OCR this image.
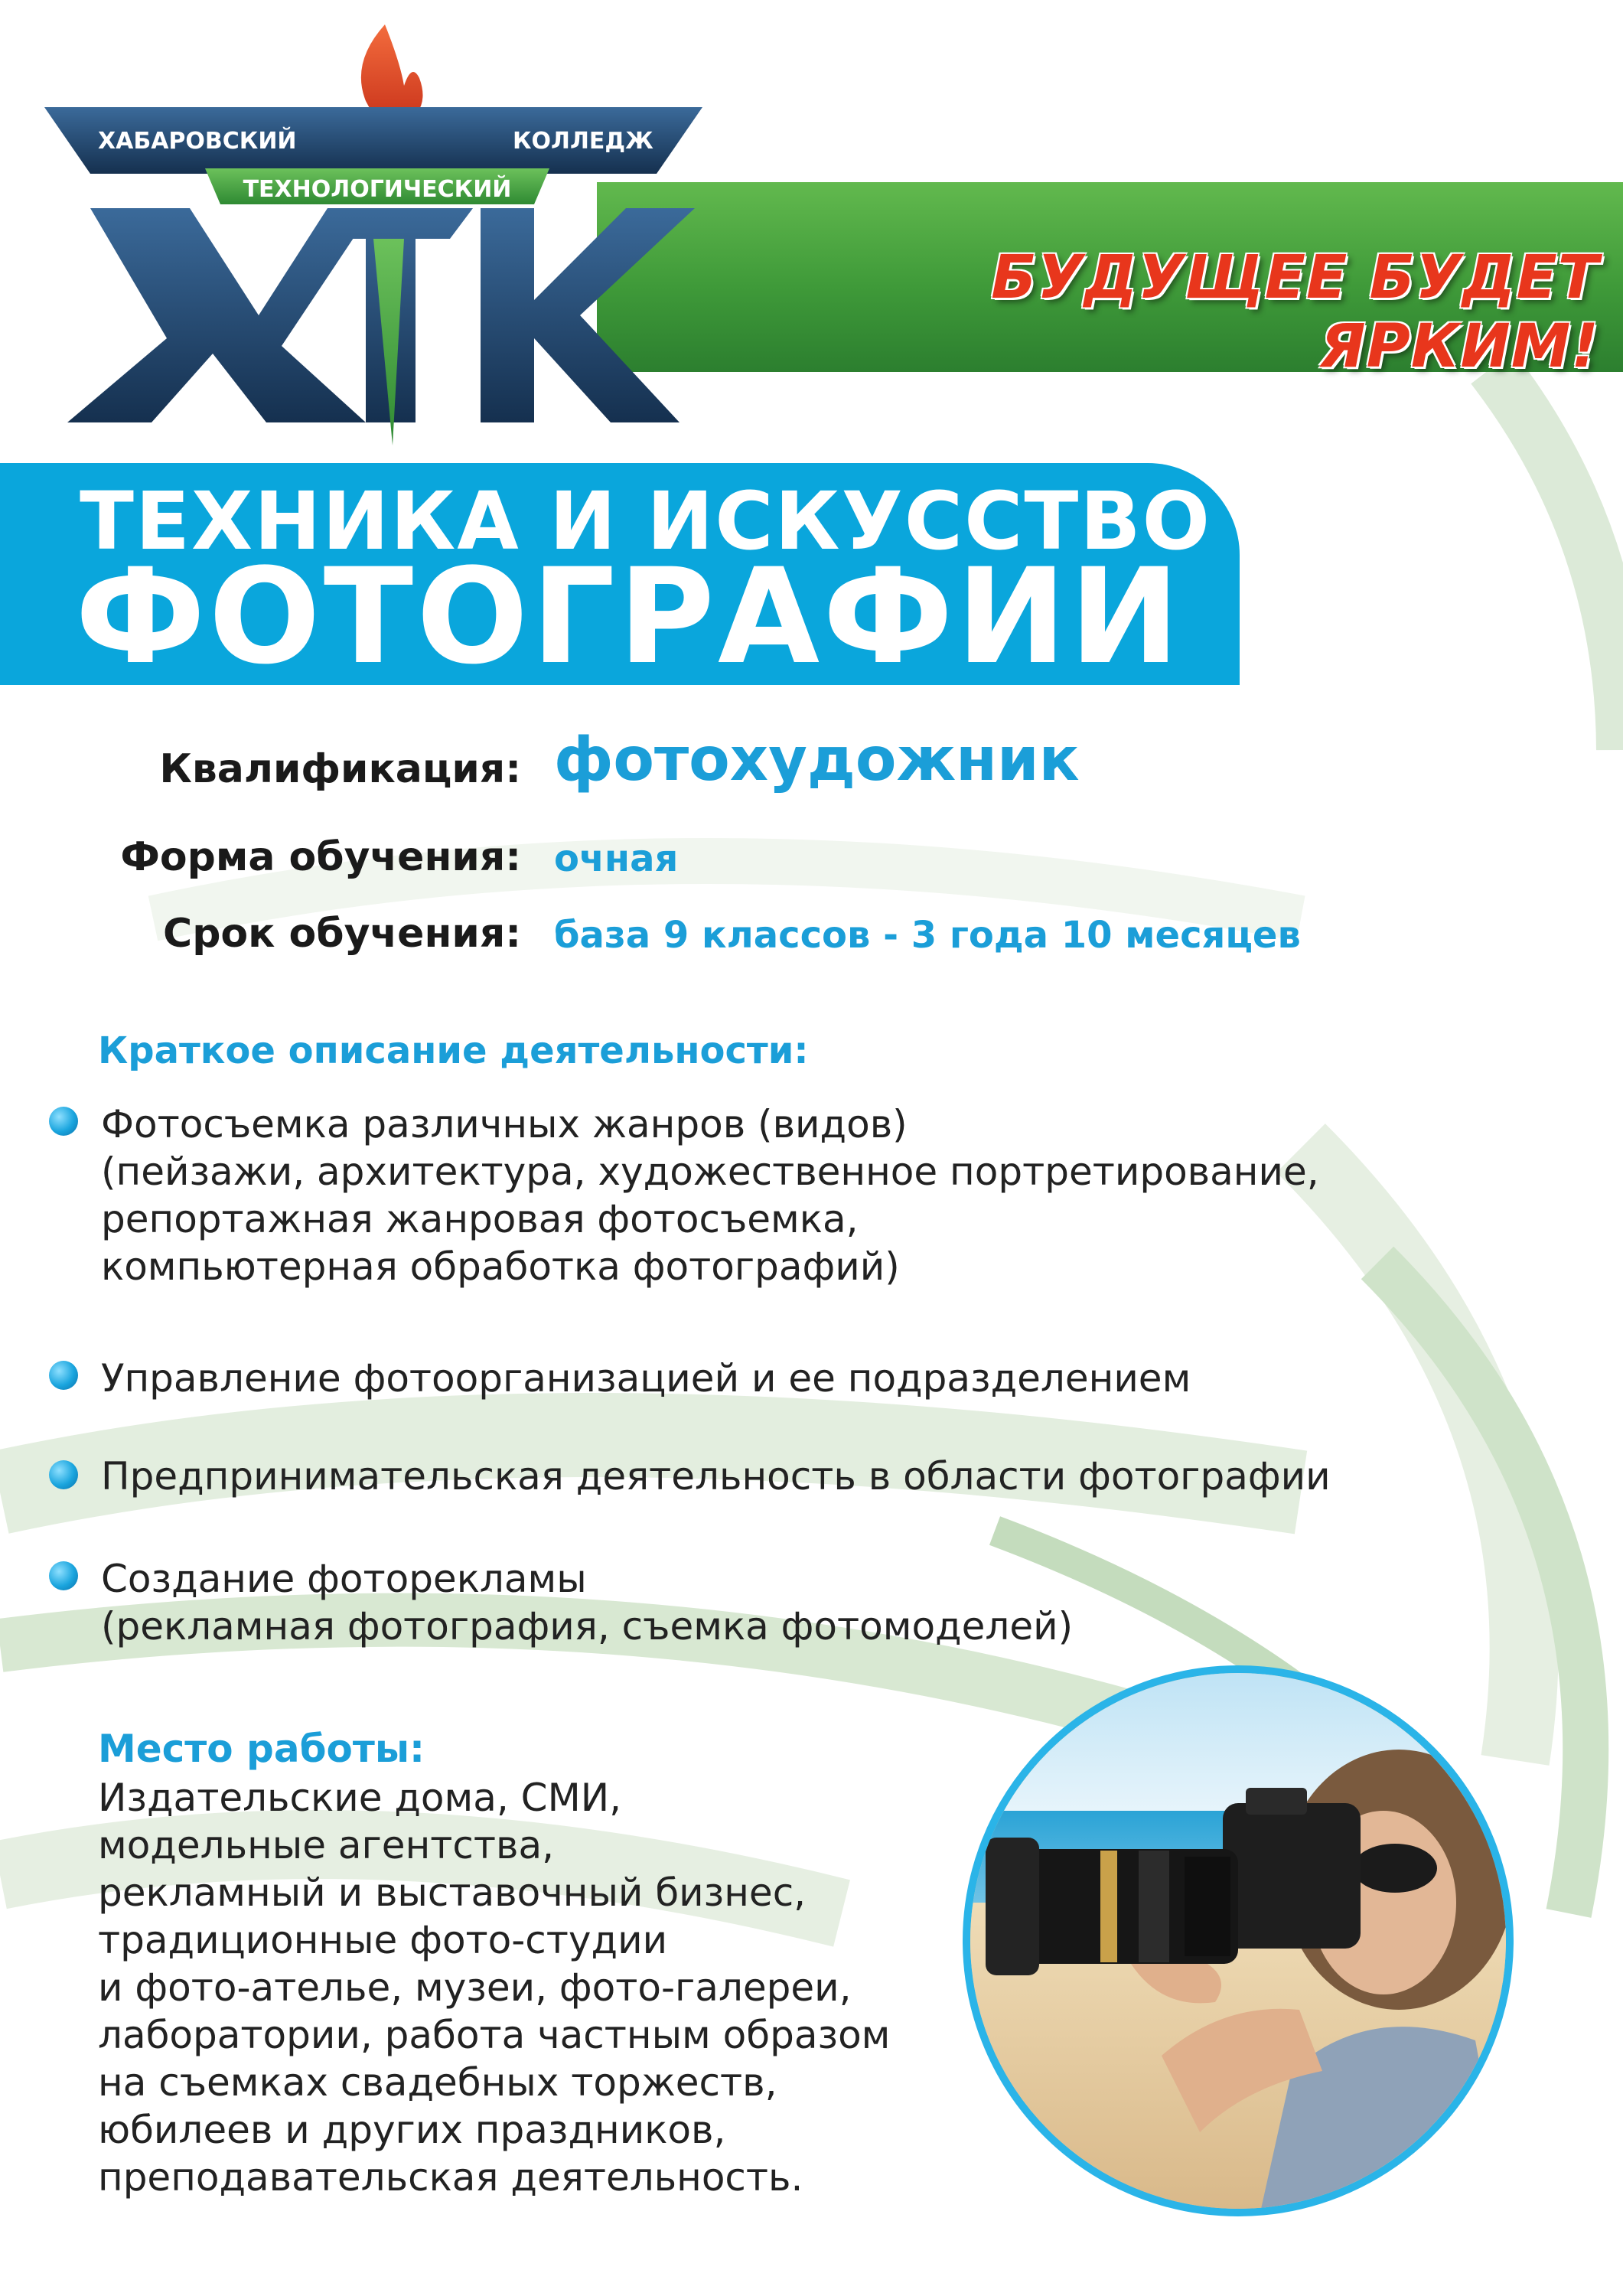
БУДУЩЕЕ БУДЕТ ЯРКИМ!
ХАБАРОВСКИЙ	КОЛЛЕДЖ
ТЕХНОЛОГИЧЕСКИЙ
ТЕХНИКА И ИСКУССТВО
ФОТОГРАФИИ
Квалификация: фотохудожник
Форма обучения: очная
Срок обучения: база 9 классов - 3 года 10 месяцев
Краткое описание деятельности:
Фотосъемка различных жанров (видов)
(пейзажи, архитектура, художественное портретирование,
репортажная жанровая фотосъемка,
компьютерная обработка фотографий)
Управление фотоорганизацией и ее подразделением
Предпринимательская деятельность в области фотографии
Создание фоторекламы
(рекламная фотография, съемка фотомоделей)
Место работы:
Издательские дома, СМИ,
модельные агентства,
рекламный и выставочный бизнес,
традиционные фото-студии
и фото-ателье, музеи, фото-галереи,
лаборатории, работа частным образом
на съемках свадебных торжеств,
юбилеев и других праздников,
преподавательская деятельность.
